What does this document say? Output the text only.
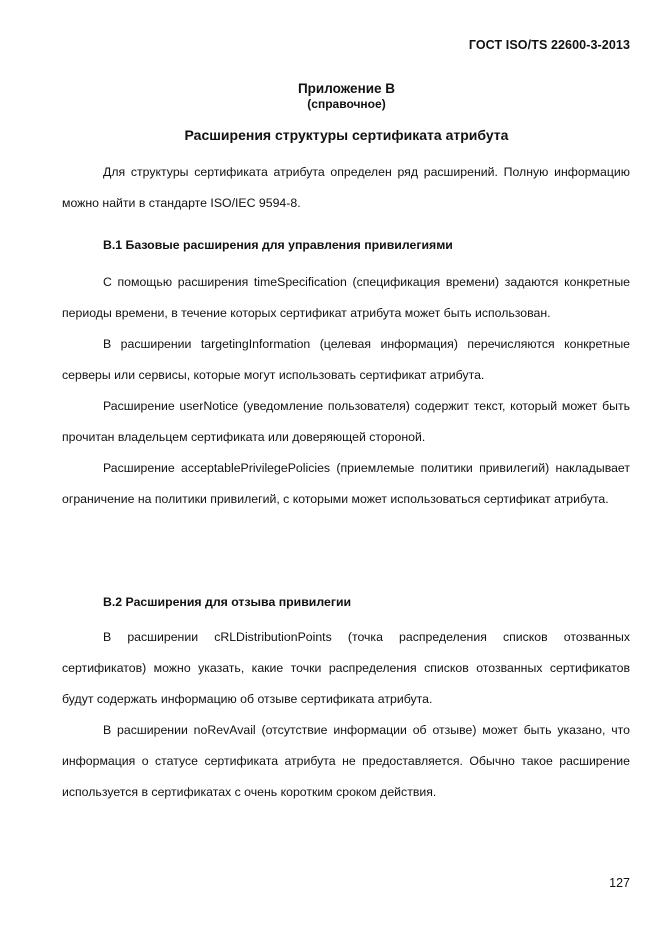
ГОСТ ISO/TS 22600-3-2013
Приложение В
(справочное)
Расширения структуры сертификата атрибута

Для структуры сертификата атрибута определен ряд расширений. Полную информацию можно найти в стандарте ISO/IEC 9594-8.

В.1 Базовые расширения для управления привилегиями

С помощью расширения timeSpecification (спецификация времени) задаются конкретные периоды времени, в течение которых сертификат атрибута может быть использован.

В расширении targetingInformation (целевая информация) перечисляются конкретные серверы или сервисы, которые могут использовать сертификат атрибута.

Расширение userNotice (уведомление пользователя) содержит текст, который может быть прочитан владельцем сертификата или доверяющей стороной.

Расширение acceptablePrivilegePolicies (приемлемые политики привилегий) накладывает ограничение на политики привилегий, с которыми может использоваться сертификат атрибута.

В.2 Расширения для отзыва привилегии

В расширении cRLDistributionPoints (точка распределения списков отозванных сертификатов) можно указать, какие точки распределения списков отозванных сертификатов будут содержать информацию об отзыве сертификата атрибута.

В расширении noRevAvail (отсутствие информации об отзыве) может быть указано, что информация о статусе сертификата атрибута не предоставляется. Обычно такое расширение используется в сертификатах с очень коротким сроком действия.

127
